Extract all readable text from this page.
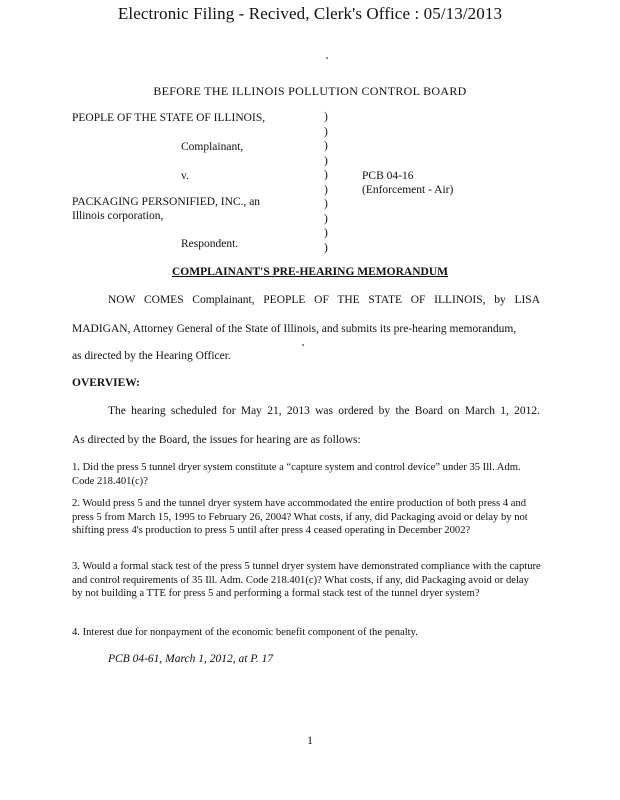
Electronic Filing - Recived, Clerk's Office : 05/13/2013
BEFORE THE ILLINOIS POLLUTION CONTROL BOARD
PEOPLE OF THE STATE OF ILLINOIS,
Complainant,
v.
PACKAGING PERSONIFIED, INC., an
Illinois corporation,
Respondent.
)
)
)
)
)
)
)
)
)
)
PCB 04-16
(Enforcement - Air)
COMPLAINANT'S PRE-HEARING MEMORANDUM
NOW COMES Complainant, PEOPLE OF THE STATE OF ILLINOIS, by LISA
MADIGAN, Attorney General of the State of Illinois, and submits its pre-hearing memorandum,
as directed by the Hearing Officer.
OVERVIEW:
The hearing scheduled for May 21, 2013 was ordered by the Board on March 1, 2012.
As directed by the Board, the issues for hearing are as follows:
1. Did the press 5 tunnel dryer system constitute a “capture system and control device” under 35 Ill. Adm. Code 218.401(c)?
2. Would press 5 and the tunnel dryer system have accommodated the entire production of both press 4 and press 5 from March 15, 1995 to February 26, 2004? What costs, if any, did Packaging avoid or delay by not shifting press 4's production to press 5 until after press 4 ceased operating in December 2002?
3. Would a formal stack test of the press 5 tunnel dryer system have demonstrated compliance with the capture and control requirements of 35 Ill. Adm. Code 218.401(c)? What costs, if any, did Packaging avoid or delay by not building a TTE for press 5 and performing a formal stack test of the tunnel dryer system?
4. Interest due for nonpayment of the economic benefit component of the penalty.
PCB 04-61, March 1, 2012, at P. 17
1
